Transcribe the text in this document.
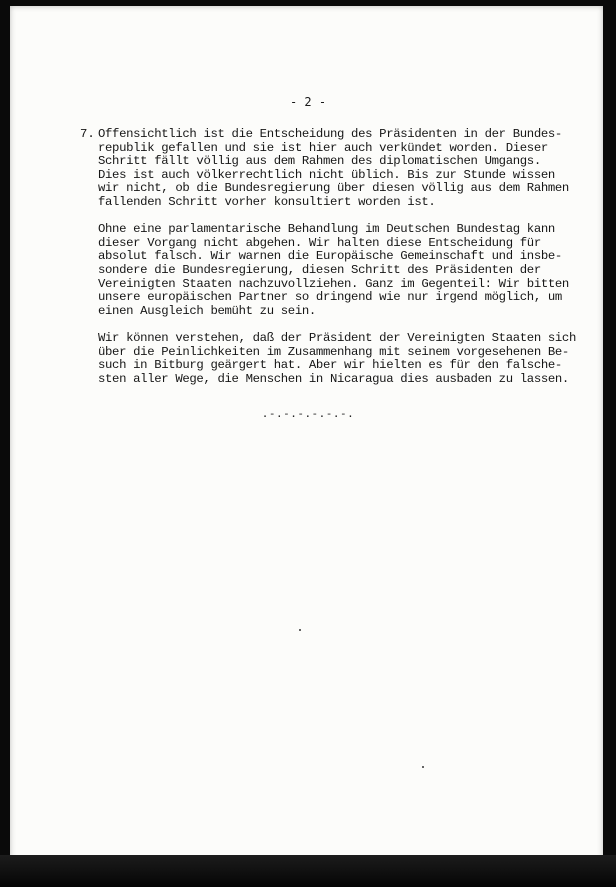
- 2 -
7. Offensichtlich ist die Entscheidung des Präsidenten in der Bundes-
republik gefallen und sie ist hier auch verkündet worden. Dieser
Schritt fällt völlig aus dem Rahmen des diplomatischen Umgangs.
Dies ist auch völkerrechtlich nicht üblich. Bis zur Stunde wissen
wir nicht, ob die Bundesregierung über diesen völlig aus dem Rahmen
fallenden Schritt vorher konsultiert worden ist.
Ohne eine parlamentarische Behandlung im Deutschen Bundestag kann
dieser Vorgang nicht abgehen. Wir halten diese Entscheidung für
absolut falsch. Wir warnen die Europäische Gemeinschaft und insbe-
sondere die Bundesregierung, diesen Schritt des Präsidenten der
Vereinigten Staaten nachzuvollziehen. Ganz im Gegenteil: Wir bitten
unsere europäischen Partner so dringend wie nur irgend möglich, um
einen Ausgleich bemüht zu sein.
Wir können verstehen, daß der Präsident der Vereinigten Staaten sich
über die Peinlichkeiten im Zusammenhang mit seinem vorgesehenen Be-
such in Bitburg geärgert hat. Aber wir hielten es für den falsche-
sten aller Wege, die Menschen in Nicaragua dies ausbaden zu lassen.
.-.-.-.-.-.-.
